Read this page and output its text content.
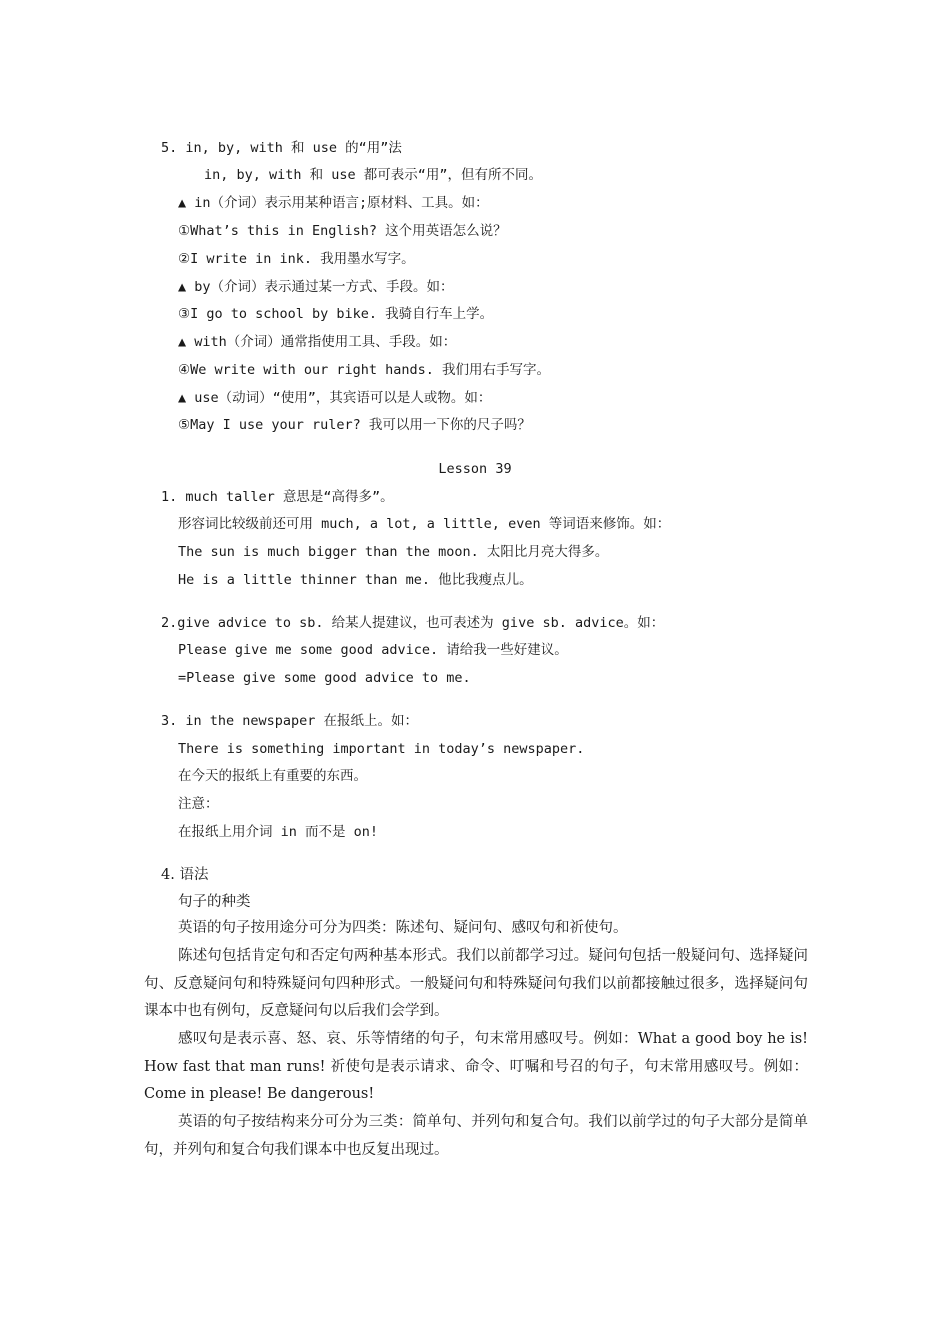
5. in, by, with 和 use 的“用”法
in, by, with 和 use 都可表示“用”，但有所不同。
▲ in（介词）表示用某种语言;原材料、工具。如：
①What’s this in English? 这个用英语怎么说？
②I write in ink. 我用墨水写字。
▲ by（介词）表示通过某一方式、手段。如：
③I go to school by bike. 我骑自行车上学。
▲ with（介词）通常指使用工具、手段。如：
④We write with our right hands. 我们用右手写字。
▲ use（动词）“使用”，其宾语可以是人或物。如：
⑤May I use your ruler? 我可以用一下你的尺子吗？
Lesson 39
1. much taller 意思是“高得多”。
形容词比较级前还可用 much, a lot, a little, even 等词语来修饰。如：
The sun is much bigger than the moon. 太阳比月亮大得多。
He is a little thinner than me. 他比我瘦点儿。
2.give advice to sb. 给某人提建议，也可表述为 give sb. advice。如：
Please give me some good advice. 请给我一些好建议。
=Please give some good advice to me.
3. in the newspaper 在报纸上。如：
There is something important in today’s newspaper.
在今天的报纸上有重要的东西。
注意：
在报纸上用介词 in 而不是 on!
4. 语法
句子的种类
英语的句子按用途分可分为四类：陈述句、疑问句、感叹句和祈使句。
陈述句包括肯定句和否定句两种基本形式。我们以前都学习过。疑问句包括一般疑问句、选择疑问句、反意疑问句和特殊疑问句四种形式。一般疑问句和特殊疑问句我们以前都接触过很多，选择疑问句课本中也有例句，反意疑问句以后我们会学到。
感叹句是表示喜、怒、哀、乐等情绪的句子，句末常用感叹号。例如：What a good boy he is! How fast that man runs! 祈使句是表示请求、命令、叮嘱和号召的句子，句末常用感叹号。例如：Come in please! Be dangerous!
英语的句子按结构来分可分为三类：简单句、并列句和复合句。我们以前学过的句子大部分是简单句，并列句和复合句我们课本中也反复出现过。
